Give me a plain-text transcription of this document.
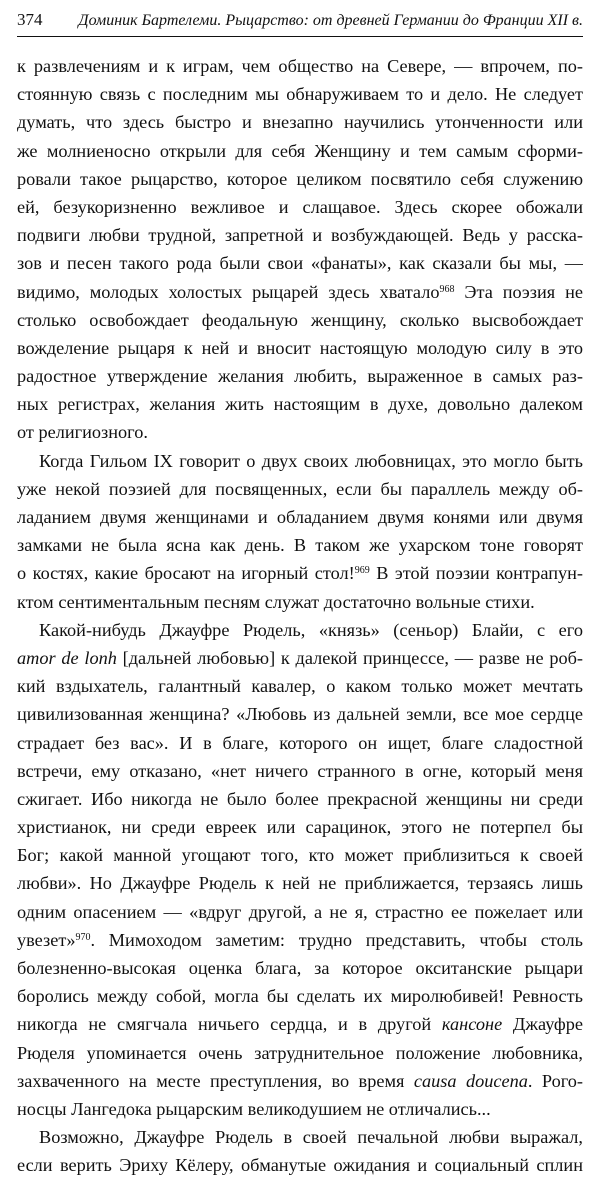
374	Доминик Бартелеми. Рыцарство: от древней Германии до Франции XII в.
к развлечениям и к играм, чем общество на Севере, — впрочем, по-
стоянную связь с последним мы обнаруживаем то и дело. Не следует
думать, что здесь быстро и внезапно научились утонченности или
же молниеносно открыли для себя Женщину и тем самым сформи-
ровали такое рыцарство, которое целиком посвятило себя служению
ей, безукоризненно вежливое и слащавое. Здесь скорее обожали
подвиги любви трудной, запретной и возбуждающей. Ведь у расска-
зов и песен такого рода были свои «фанаты», как сказали бы мы, —
видимо, молодых холостых рыцарей здесь хватало$^{968}$ Эта поэзия не
столько освобождает феодальную женщину, сколько высвобождает
вожделение рыцаря к ней и вносит настоящую молодую силу в это
радостное утверждение желания любить, выраженное в самых раз-
ных регистрах, желания жить настоящим в духе, довольно далеком
от религиозного.
Когда Гильом IX говорит о двух своих любовницах, это могло быть
уже некой поэзией для посвященных, если бы параллель между об-
ладанием двумя женщинами и обладанием двумя конями или двумя
замками не была ясна как день. В таком же ухарском тоне говорят
о костях, какие бросают на игорный стол!$^{969}$ В этой поэзии контрапун-
ктом сентиментальным песням служат достаточно вольные стихи.
Какой-нибудь Джауфре Рюдель, «князь» (сеньор) Блайи, с его
amor de lonh [дальней любовью] к далекой принцессе, — разве не роб-
кий вздыхатель, галантный кавалер, о каком только может мечтать
цивилизованная женщина? «Любовь из дальней земли, все мое сердце
страдает без вас». И в благе, которого он ищет, благе сладостной
встречи, ему отказано, «нет ничего странного в огне, который меня
сжигает. Ибо никогда не было более прекрасной женщины ни среди
христианок, ни среди евреек или сарацинок, этого не потерпел бы
Бог; какой манной угощают того, кто может приблизиться к своей
любви». Но Джауфре Рюдель к ней не приближается, терзаясь лишь
одним опасением — «вдруг другой, а не я, страстно ее пожелает или
увезет»$^{970}$. Мимоходом заметим: трудно представить, чтобы столь
болезненно-высокая оценка блага, за которое окситанские рыцари
боролись между собой, могла бы сделать их миролюбивей! Ревность
никогда не смягчала ничьего сердца, и в другой кансоне Джауфре
Рюделя упоминается очень затруднительное положение любовника,
захваченного на месте преступления, во время causa doucena. Рого-
носцы Лангедока рыцарским великодушием не отличались...
Возможно, Джауфре Рюдель в своей печальной любви выражал,
если верить Эриху Кёлеру, обманутые ожидания и социальный сплин
